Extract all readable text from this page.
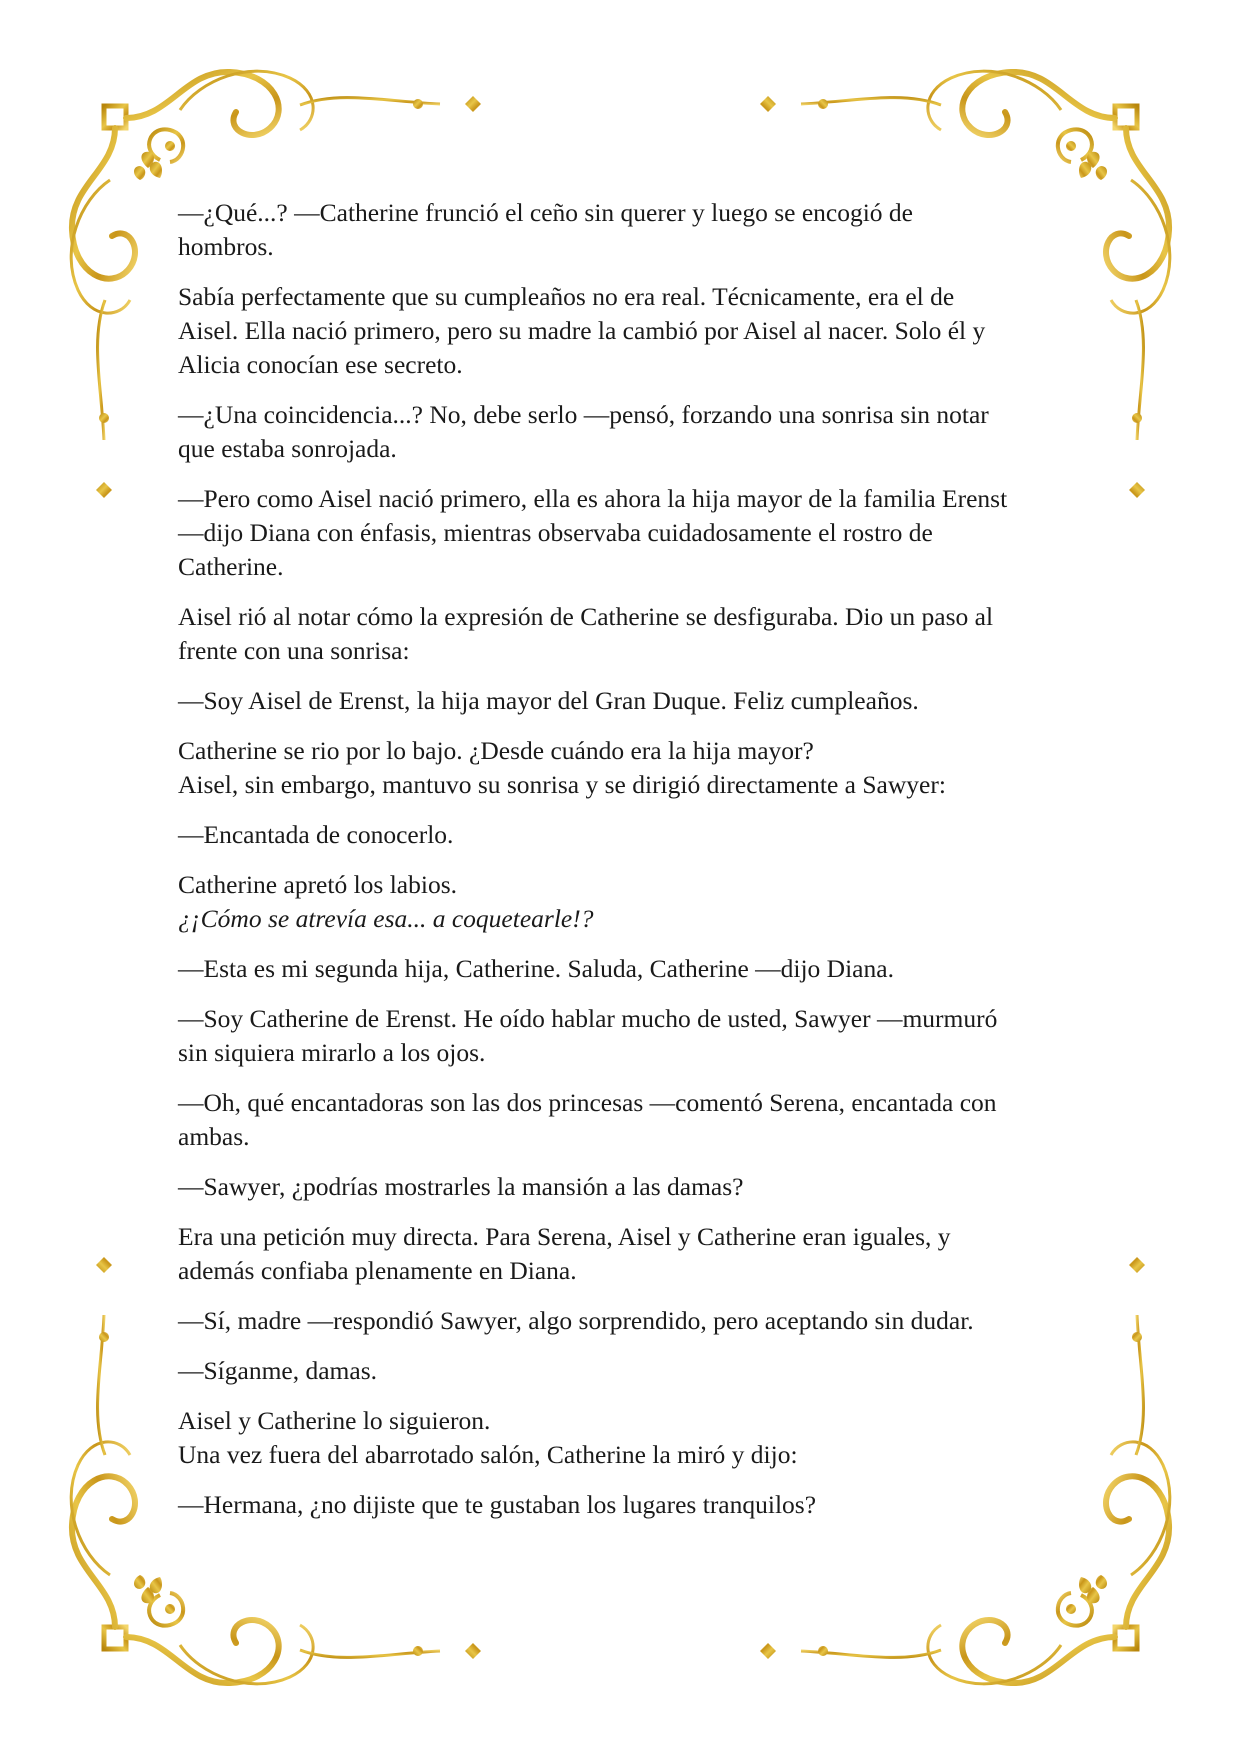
—¿Qué...? —Catherine frunció el ceño sin querer y luego se encogió de
hombros.

Sabía perfectamente que su cumpleaños no era real. Técnicamente, era el de
Aisel. Ella nació primero, pero su madre la cambió por Aisel al nacer. Solo él y
Alicia conocían ese secreto.

—¿Una coincidencia...? No, debe serlo —pensó, forzando una sonrisa sin notar
que estaba sonrojada.

—Pero como Aisel nació primero, ella es ahora la hija mayor de la familia Erenst
—dijo Diana con énfasis, mientras observaba cuidadosamente el rostro de
Catherine.

Aisel rió al notar cómo la expresión de Catherine se desfiguraba. Dio un paso al
frente con una sonrisa:

—Soy Aisel de Erenst, la hija mayor del Gran Duque. Feliz cumpleaños.

Catherine se rio por lo bajo. ¿Desde cuándo era la hija mayor?
Aisel, sin embargo, mantuvo su sonrisa y se dirigió directamente a Sawyer:

—Encantada de conocerlo.

Catherine apretó los labios.
¿¡Cómo se atrevía esa... a coquetearle!?

—Esta es mi segunda hija, Catherine. Saluda, Catherine —dijo Diana.

—Soy Catherine de Erenst. He oído hablar mucho de usted, Sawyer —murmuró
sin siquiera mirarlo a los ojos.

—Oh, qué encantadoras son las dos princesas —comentó Serena, encantada con
ambas.

—Sawyer, ¿podrías mostrarles la mansión a las damas?

Era una petición muy directa. Para Serena, Aisel y Catherine eran iguales, y
además confiaba plenamente en Diana.

—Sí, madre —respondió Sawyer, algo sorprendido, pero aceptando sin dudar.

—Síganme, damas.

Aisel y Catherine lo siguieron.
Una vez fuera del abarrotado salón, Catherine la miró y dijo:

—Hermana, ¿no dijiste que te gustaban los lugares tranquilos?
